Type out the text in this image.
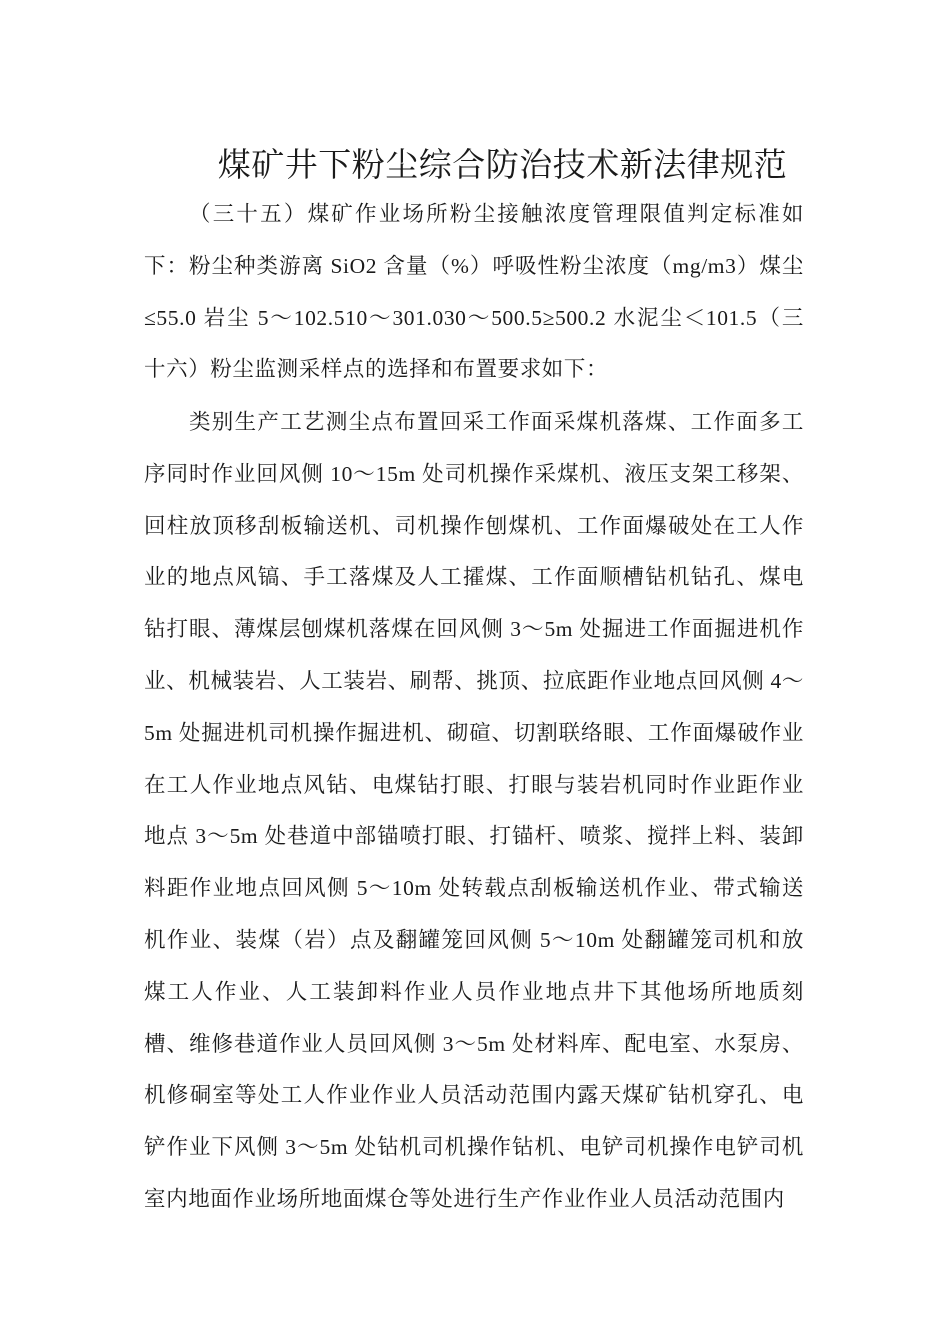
煤矿井下粉尘综合防治技术新法律规范

（三十五）煤矿作业场所粉尘接触浓度管理限值判定标准如下：粉尘种类游离 SiO2 含量（%）呼吸性粉尘浓度（mg/m3）煤尘≤55.0 岩尘 5～102.510～301.030～500.5≥500.2 水泥尘＜101.5（三十六）粉尘监测采样点的选择和布置要求如下：

类别生产工艺测尘点布置回采工作面采煤机落煤、工作面多工序同时作业回风侧 10～15m 处司机操作采煤机、液压支架工移架、回柱放顶移刮板输送机、司机操作刨煤机、工作面爆破处在工人作业的地点风镐、手工落煤及人工攉煤、工作面顺槽钻机钻孔、煤电钻打眼、薄煤层刨煤机落煤在回风侧 3～5m 处掘进工作面掘进机作业、机械装岩、人工装岩、刷帮、挑顶、拉底距作业地点回风侧 4～5m 处掘进机司机操作掘进机、砌碹、切割联络眼、工作面爆破作业在工人作业地点风钻、电煤钻打眼、打眼与装岩机同时作业距作业地点 3～5m 处巷道中部锚喷打眼、打锚杆、喷浆、搅拌上料、装卸料距作业地点回风侧 5～10m 处转载点刮板输送机作业、带式输送机作业、装煤（岩）点及翻罐笼回风侧 5～10m 处翻罐笼司机和放煤工人作业、人工装卸料作业人员作业地点井下其他场所地质刻槽、维修巷道作业人员回风侧 3～5m 处材料库、配电室、水泵房、机修硐室等处工人作业作业人员活动范围内露天煤矿钻机穿孔、电铲作业下风侧 3～5m 处钻机司机操作钻机、电铲司机操作电铲司机室内地面作业场所地面煤仓等处进行生产作业作业人员活动范围内
